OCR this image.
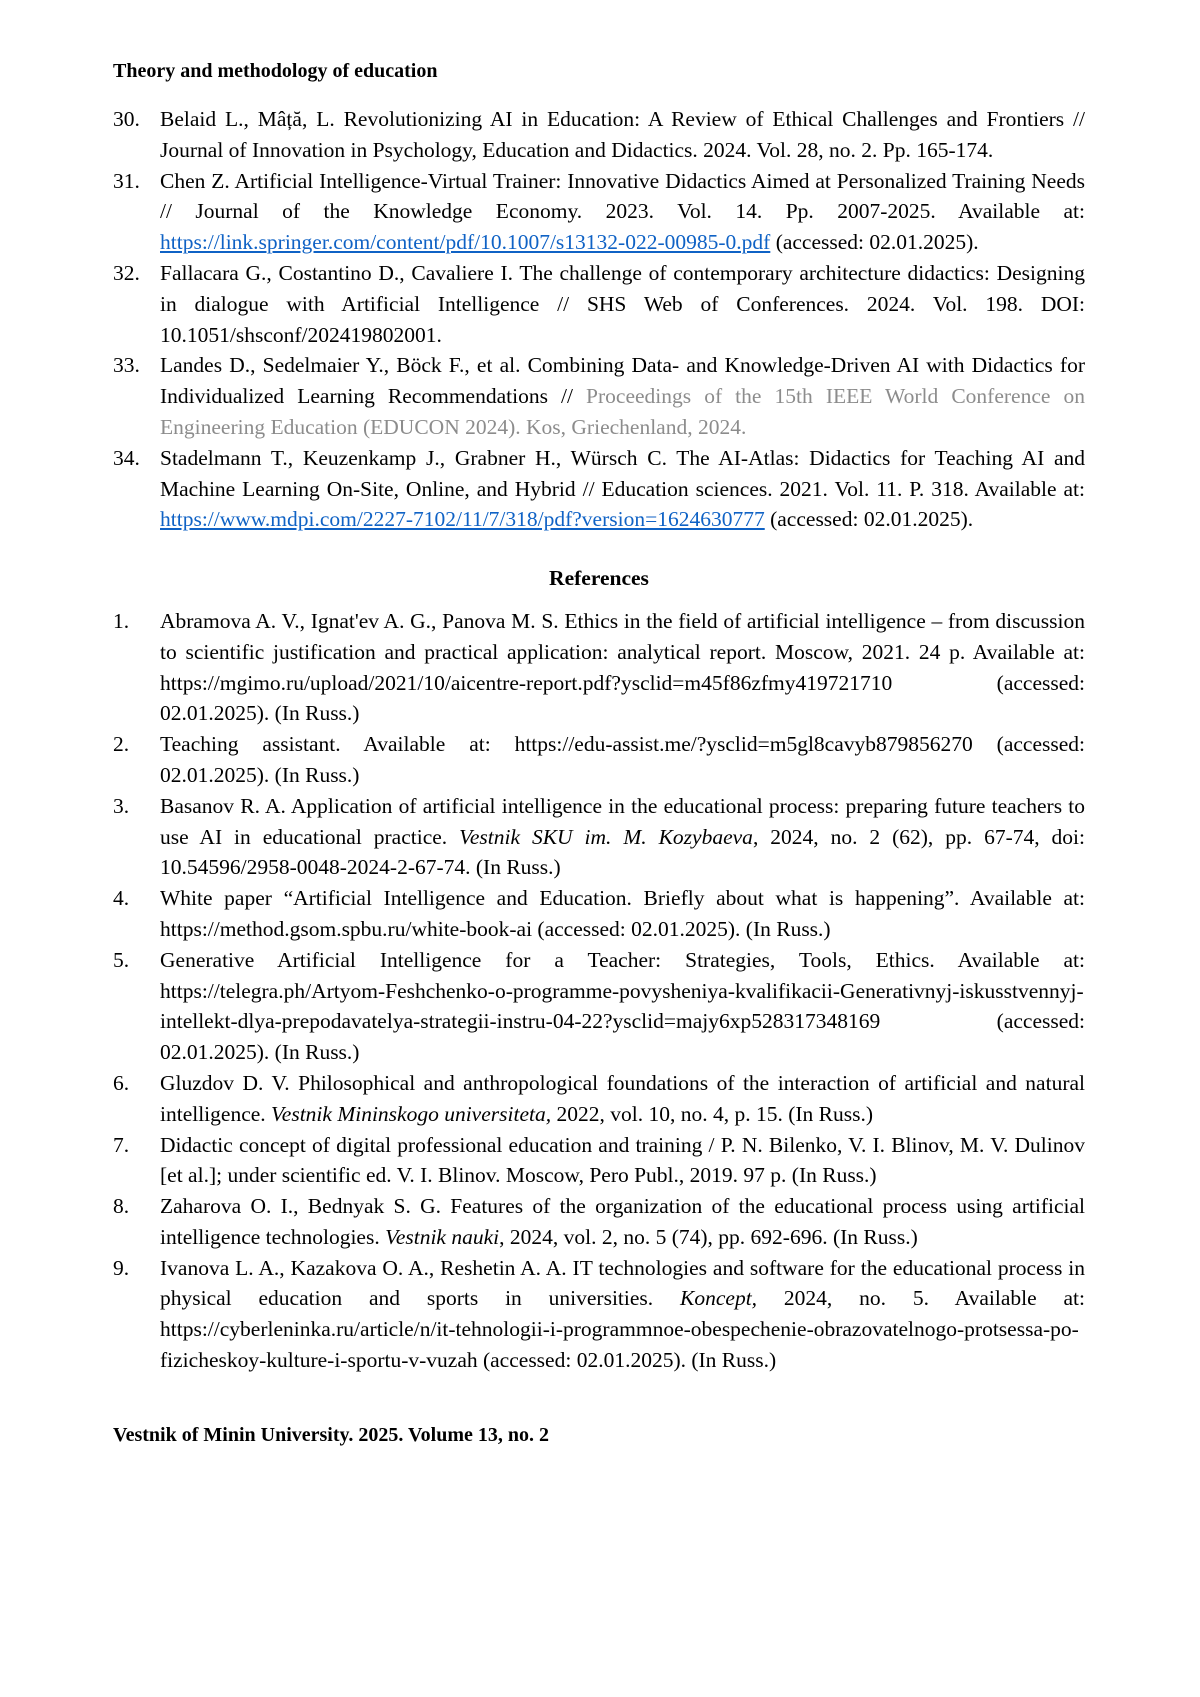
Theory and methodology of education
30. Belaid L., Mâță, L. Revolutionizing AI in Education: A Review of Ethical Challenges and Frontiers // Journal of Innovation in Psychology, Education and Didactics. 2024. Vol. 28, no. 2. Pp. 165-174.
31. Chen Z. Artificial Intelligence-Virtual Trainer: Innovative Didactics Aimed at Personalized Training Needs // Journal of the Knowledge Economy. 2023. Vol. 14. Pp. 2007-2025. Available at: https://link.springer.com/content/pdf/10.1007/s13132-022-00985-0.pdf (accessed: 02.01.2025).
32. Fallacara G., Costantino D., Cavaliere I. The challenge of contemporary architecture didactics: Designing in dialogue with Artificial Intelligence // SHS Web of Conferences. 2024. Vol. 198. DOI: 10.1051/shsconf/202419802001.
33. Landes D., Sedelmaier Y., Böck F., et al. Combining Data- and Knowledge-Driven AI with Didactics for Individualized Learning Recommendations // Proceedings of the 15th IEEE World Conference on Engineering Education (EDUCON 2024). Kos, Griechenland, 2024.
34. Stadelmann T., Keuzenkamp J., Grabner H., Würsch C. The AI-Atlas: Didactics for Teaching AI and Machine Learning On-Site, Online, and Hybrid // Education sciences. 2021. Vol. 11. P. 318. Available at: https://www.mdpi.com/2227-7102/11/7/318/pdf?version=1624630777 (accessed: 02.01.2025).
References
1. Abramova A. V., Ignat'ev A. G., Panova M. S. Ethics in the field of artificial intelligence – from discussion to scientific justification and practical application: analytical report. Moscow, 2021. 24 p. Available at: https://mgimo.ru/upload/2021/10/aicentre-report.pdf?ysclid=m45f86zfmy419721710 (accessed: 02.01.2025). (In Russ.)
2. Teaching assistant. Available at: https://edu-assist.me/?ysclid=m5gl8cavyb879856270 (accessed: 02.01.2025). (In Russ.)
3. Basanov R. A. Application of artificial intelligence in the educational process: preparing future teachers to use AI in educational practice. Vestnik SKU im. M. Kozybaeva, 2024, no. 2 (62), pp. 67-74, doi: 10.54596/2958-0048-2024-2-67-74. (In Russ.)
4. White paper “Artificial Intelligence and Education. Briefly about what is happening”. Available at: https://method.gsom.spbu.ru/white-book-ai (accessed: 02.01.2025). (In Russ.)
5. Generative Artificial Intelligence for a Teacher: Strategies, Tools, Ethics. Available at: https://telegra.ph/Artyom-Feshchenko-o-programme-povysheniya-kvalifikacii-Generativnyj-iskusstvennyj-intellekt-dlya-prepodavatelya-strategii-instru-04-22?ysclid=majy6xp528317348169 (accessed: 02.01.2025). (In Russ.)
6. Gluzdov D. V. Philosophical and anthropological foundations of the interaction of artificial and natural intelligence. Vestnik Mininskogo universiteta, 2022, vol. 10, no. 4, p. 15. (In Russ.)
7. Didactic concept of digital professional education and training / P. N. Bilenko, V. I. Blinov, M. V. Dulinov [et al.]; under scientific ed. V. I. Blinov. Moscow, Pero Publ., 2019. 97 p. (In Russ.)
8. Zaharova O. I., Bednyak S. G. Features of the organization of the educational process using artificial intelligence technologies. Vestnik nauki, 2024, vol. 2, no. 5 (74), pp. 692-696. (In Russ.)
9. Ivanova L. A., Kazakova O. A., Reshetin A. A. IT technologies and software for the educational process in physical education and sports in universities. Koncept, 2024, no. 5. Available at: https://cyberleninka.ru/article/n/it-tehnologii-i-programmnoe-obespechenie-obrazovatelnogo-protsessa-po-fizicheskoy-kulture-i-sportu-v-vuzah (accessed: 02.01.2025). (In Russ.)
Vestnik of Minin University. 2025. Volume 13, no. 2
